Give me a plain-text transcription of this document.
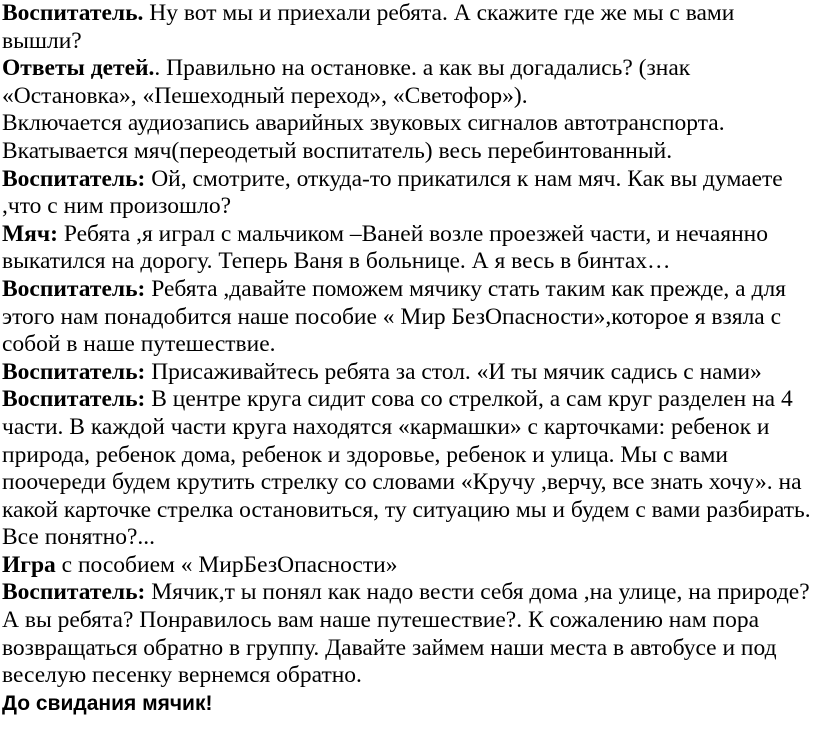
Воспитатель. Ну вот мы и приехали ребята. А скажите где же мы с вами вышли?

Ответы детей.. Правильно на остановке. а как вы догадались? (знак «Остановка», «Пешеходный переход», «Светофор»).

Включается аудиозапись аварийных звуковых сигналов автотранспорта. Вкатывается мяч(переодетый воспитатель) весь перебинтованный.

Воспитатель: Ой, смотрите, откуда-то прикатился к нам мяч. Как вы думаете ,что с ним произошло?

Мяч: Ребята ,я играл с мальчиком –Ваней возле проезжей части, и нечаянно выкатился на дорогу. Теперь Ваня в больнице. А я весь в бинтах…

Воспитатель: Ребята ,давайте поможем мячику стать таким как прежде, а для этого нам понадобится наше пособие « Мир БезОпасности»,которое я взяла с собой в наше путешествие.

Воспитатель: Присаживайтесь ребята за стол. «И ты мячик садись с нами»

Воспитатель: В центре круга сидит сова со стрелкой, а сам круг разделен на 4 части. В каждой части круга находятся «кармашки» с карточками: ребенок и природа, ребенок дома, ребенок и здоровье, ребенок и улица. Мы с вами поочереди будем крутить стрелку со словами «Кручу ,верчу, все знать хочу». на какой карточке стрелка остановиться, ту ситуацию мы и будем с вами разбирать. Все понятно?...

Игра с пособием « МирБезОпасности»

Воспитатель: Мячик,т ы понял как надо вести себя дома ,на улице, на природе? А вы ребята? Понравилось вам наше путешествие?. К сожалению нам пора возвращаться обратно в группу. Давайте займем наши места в автобусе и под веселую песенку вернемся обратно.

До свидания мячик!
